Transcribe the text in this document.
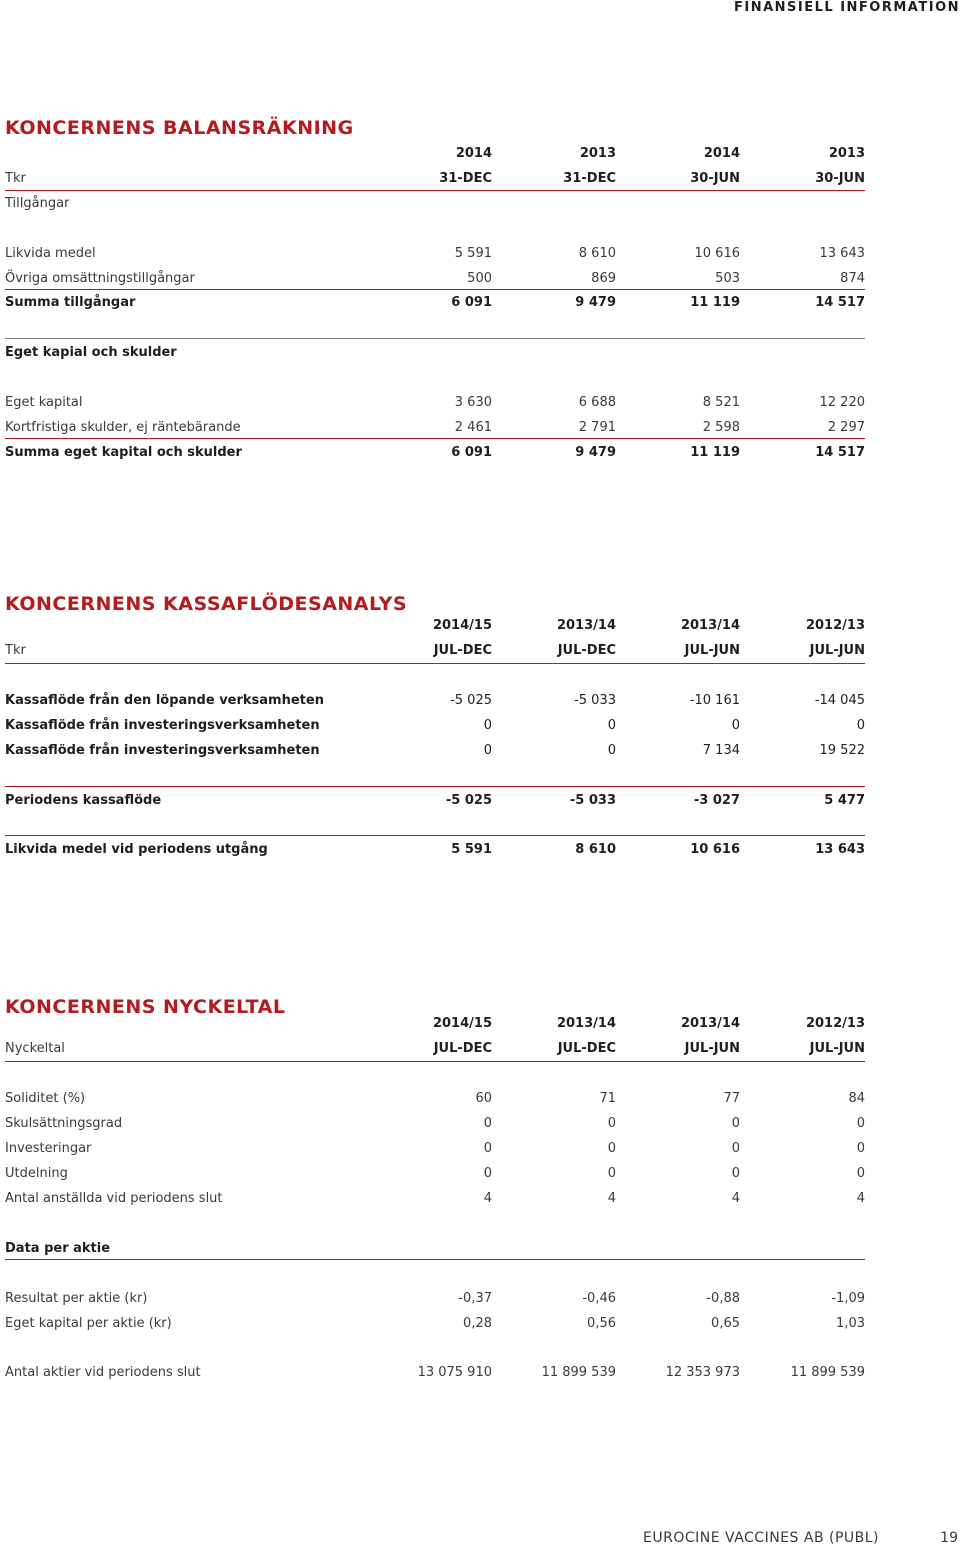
FINANSIELL INFORMATION
KONCERNENS BALANSRÄKNING
2014	2013	2014	2013
Tkr	31-DEC	31-DEC	30-JUN	30-JUN
Tillgångar
Likvida medel	5 591	8 610	10 616	13 643
Övriga omsättningstillgångar	500	869	503	874
Summa tillgångar	6 091	9 479	11 119	14 517
Eget kapial och skulder
Eget kapital	3 630	6 688	8 521	12 220
Kortfristiga skulder, ej räntebärande	2 461	2 791	2 598	2 297
Summa eget kapital och skulder	6 091	9 479	11 119	14 517
KONCERNENS KASSAFLÖDESANALYS
2014/15	2013/14	2013/14	2012/13
Tkr	JUL-DEC	JUL-DEC	JUL-JUN	JUL-JUN
Kassaflöde från den löpande verksamheten	-5 025	-5 033	-10 161	-14 045
Kassaflöde från investeringsverksamheten	0	0	0	0
Kassaflöde från investeringsverksamheten	0	0	7 134	19 522
Periodens kassaflöde	-5 025	-5 033	-3 027	5 477
Likvida medel vid periodens utgång	5 591	8 610	10 616	13 643
KONCERNENS NYCKELTAL
2014/15	2013/14	2013/14	2012/13
Nyckeltal	JUL-DEC	JUL-DEC	JUL-JUN	JUL-JUN
Soliditet (%)	60	71	77	84
Skulsättningsgrad	0	0	0	0
Investeringar	0	0	0	0
Utdelning	0	0	0	0
Antal anställda vid periodens slut	4	4	4	4
Data per aktie
Resultat per aktie (kr)	-0,37	-0,46	-0,88	-1,09
Eget kapital per aktie (kr)	0,28	0,56	0,65	1,03
Antal aktier vid periodens slut	13 075 910	11 899 539	12 353 973	11 899 539
EUROCINE VACCINES AB (PUBL)	19
